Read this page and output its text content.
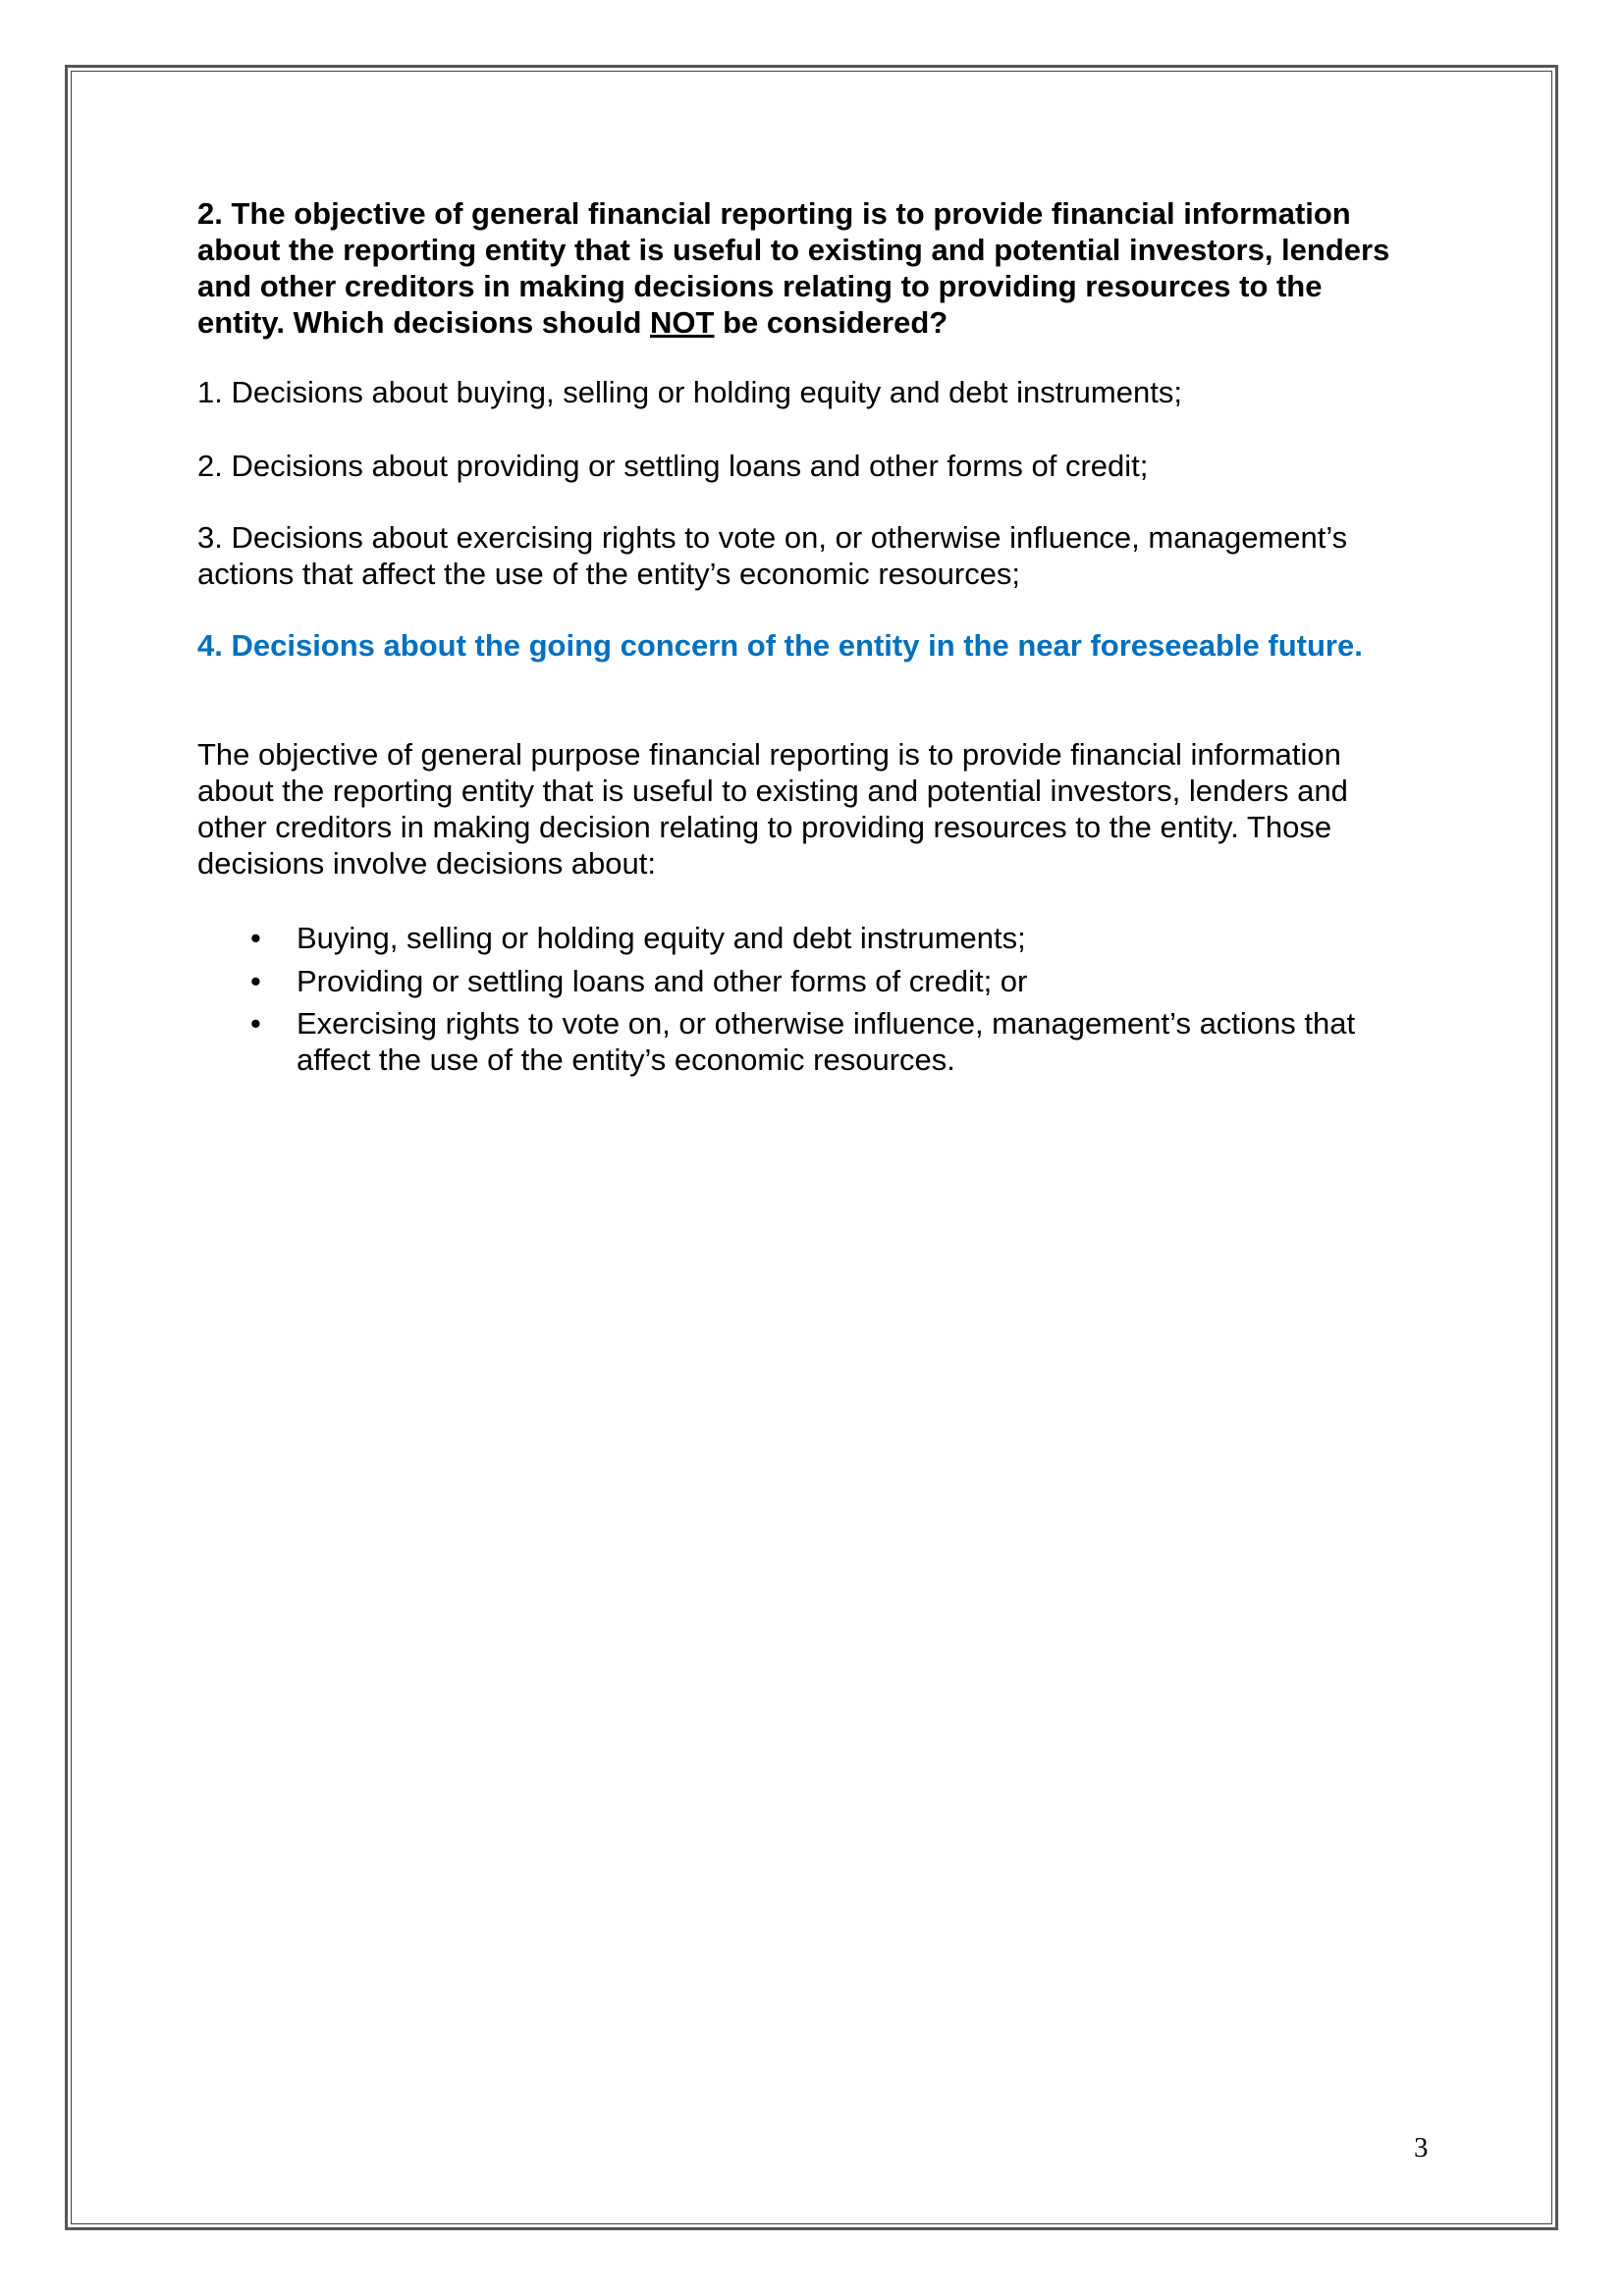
2. The objective of general financial reporting is to provide financial information
about the reporting entity that is useful to existing and potential investors, lenders
and other creditors in making decisions relating to providing resources to the
entity. Which decisions should NOT be considered?
1. Decisions about buying, selling or holding equity and debt instruments;
2. Decisions about providing or settling loans and other forms of credit;
3. Decisions about exercising rights to vote on, or otherwise influence, management’s
actions that affect the use of the entity’s economic resources;
4. Decisions about the going concern of the entity in the near foreseeable future.
The objective of general purpose financial reporting is to provide financial information
about the reporting entity that is useful to existing and potential investors, lenders and
other creditors in making decision relating to providing resources to the entity. Those
decisions involve decisions about:
• Buying, selling or holding equity and debt instruments;
• Providing or settling loans and other forms of credit; or
• Exercising rights to vote on, or otherwise influence, management’s actions that
affect the use of the entity’s economic resources.
3
